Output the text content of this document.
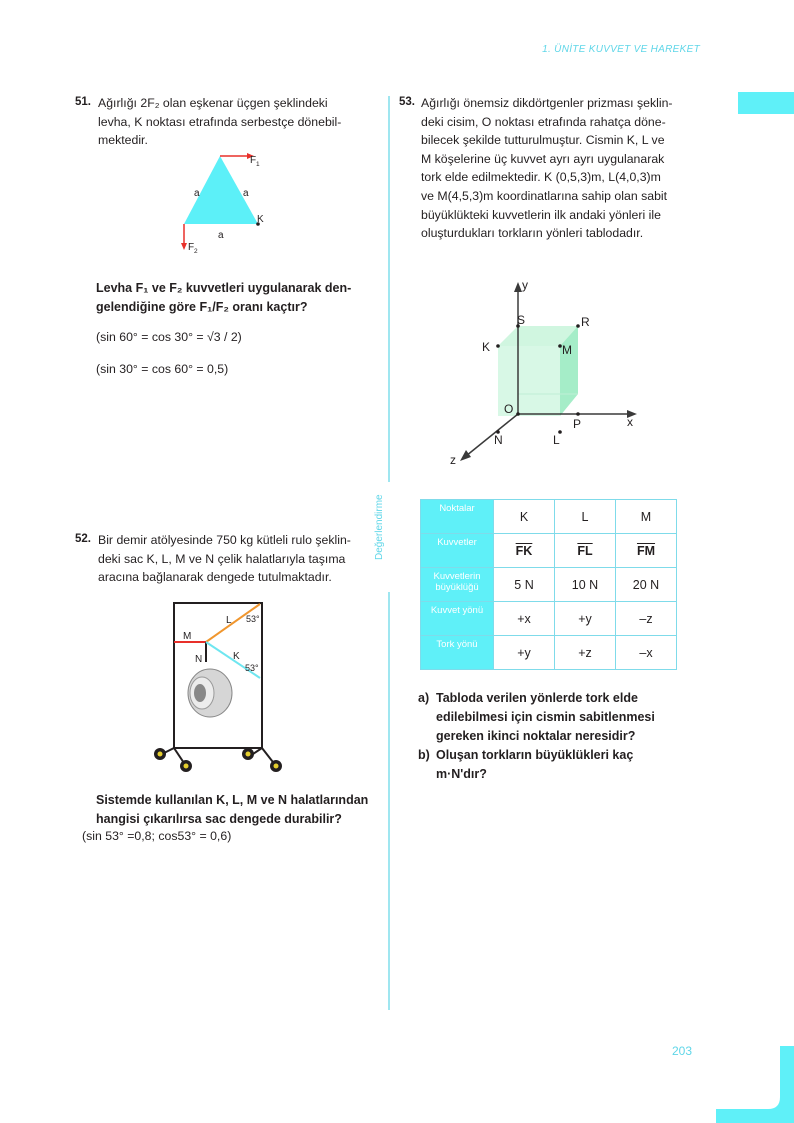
1. ÜNİTE KUVVET VE HAREKET
Değerlendirme
51. Ağırlığı 2F₂ olan eşkenar üçgen şeklindeki
levha, K noktası etrafında serbestçe dönebil-
mektedir.
a	a
a
K
F 1
F 2
Levha F₁ ve F₂ kuvvetleri uygulanarak den-
gelendiğine göre F₁/F₂ oranı kaçtır?
(sin 60° = cos 30° = √3 / 2)
(sin 30° = cos 60° = 0,5)
52. Bir demir atölyesinde 750 kg kütleli rulo şeklin-
deki sac K, L, M ve N çelik halatlarıyla taşıma
aracına bağlanarak dengede tutulmaktadır.
L 53°
M
N	K
53°
Sistemde kullanılan K, L, M ve N halatlarından
hangisi çıkarılırsa sac dengede durabilir?
(sin 53° =0,8; cos53° = 0,6)
53. Ağırlığı önemsiz dikdörtgenler prizması şeklin-
deki cisim, O noktası etrafında rahatça döne-
bilecek şekilde tutturulmuştur. Cismin K, L ve
M köşelerine üç kuvvet ayrı ayrı uygulanarak
tork elde edilmektedir. K (0,5,3)m, L(4,0,3)m
ve M(4,5,3)m koordinatlarına sahip olan sabit
büyüklükteki kuvvetlerin ilk andaki yönleri ile
oluşturdukları torkların yönleri tablodadır.
y
x
z
S	R
K	M
O
P
N	L
Noktalar	K	L	M
Kuvvetler	$\overline{FK}$	$\overline{FL}$	$\overline{FM}$
Kuvvetlerin büyüklüğü	5 N	10 N	20 N
Kuvvet yönü	+x	+y	–z
Tork yönü	+y	+z	–x
a) Tabloda verilen yönlerde tork elde
edilebilmesi için cismin sabitlenmesi
gereken ikinci noktalar neresidir?
b) Oluşan torkların büyüklükleri kaç
m·N'dır?
203
